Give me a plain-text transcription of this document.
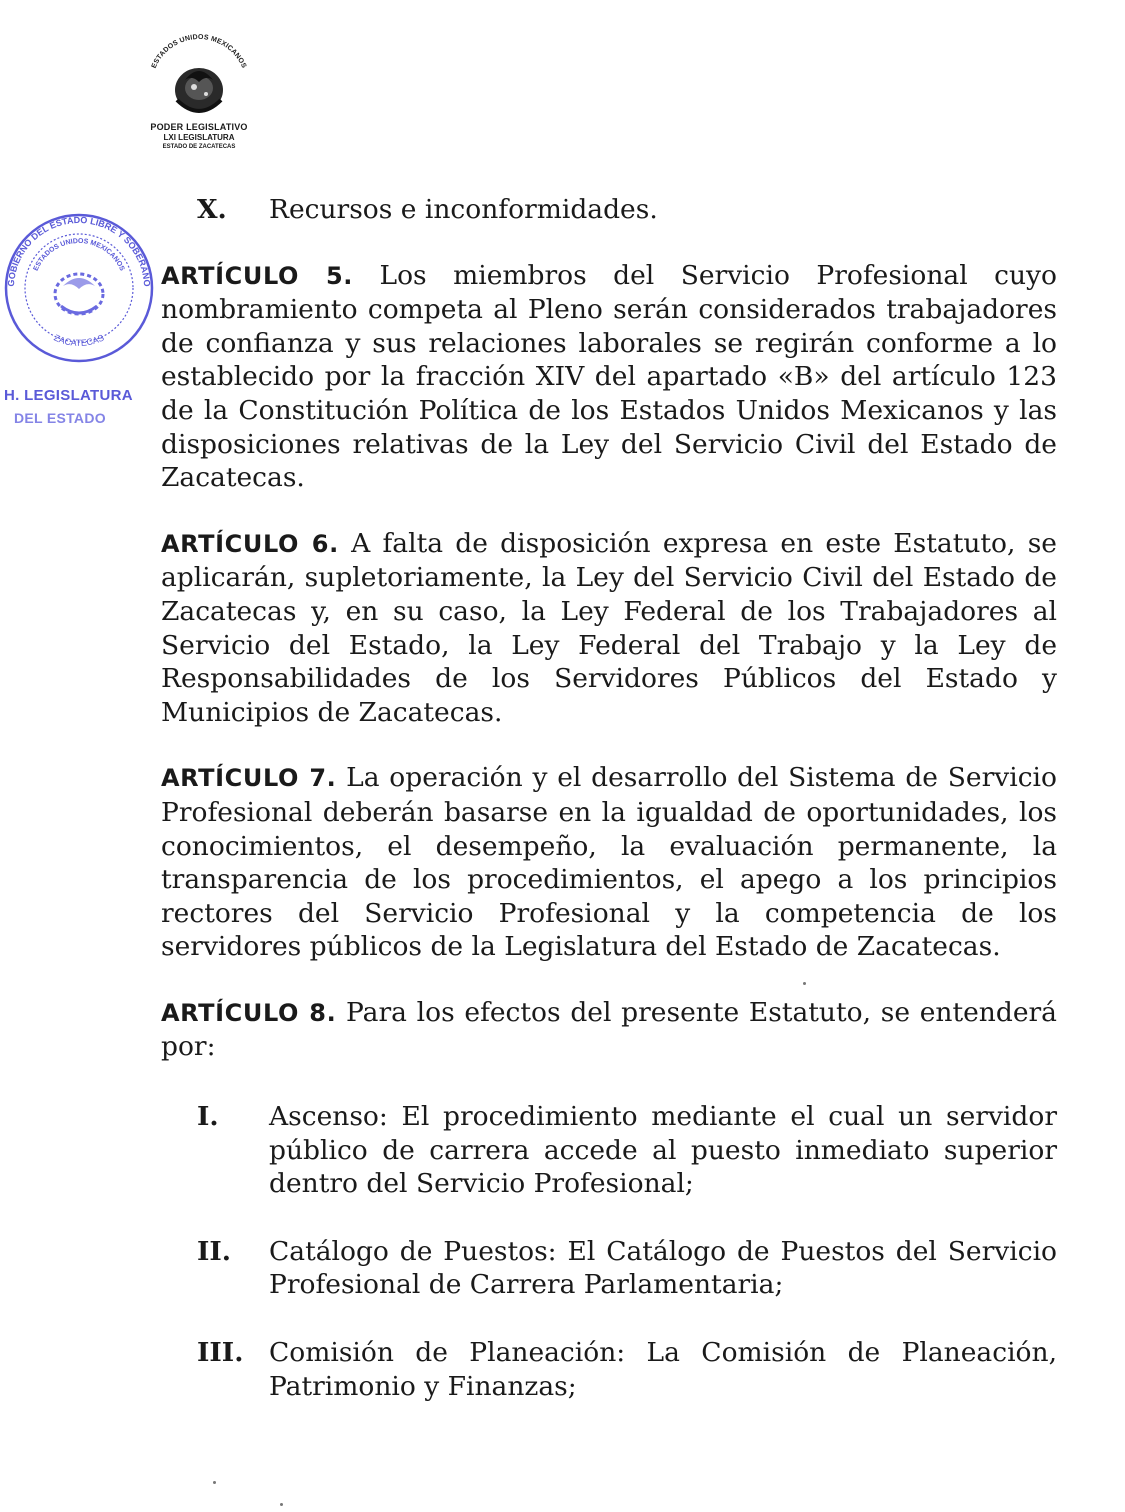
ESTADOS UNIDOS MEXICANOS
PODER LEGISLATIVO
LXI LEGISLATURA
ESTADO DE ZACATECAS
GOBIERNO DEL ESTADO LIBRE Y SOBERANO
ESTADOS UNIDOS MEXICANOS
ZACATECAS
H. LEGISLATURA
DEL ESTADO
X. Recursos e inconformidades.

ARTÍCULO 5. Los miembros del Servicio Profesional cuyo nombramiento competa al Pleno serán considerados trabajadores de confianza y sus relaciones laborales se regirán conforme a lo establecido por la fracción XIV del apartado «B» del artículo 123 de la Constitución Política de los Estados Unidos Mexicanos y las disposiciones relativas de la Ley del Servicio Civil del Estado de Zacatecas.

ARTÍCULO 6. A falta de disposición expresa en este Estatuto, se aplicarán, supletoriamente, la Ley del Servicio Civil del Estado de Zacatecas y, en su caso, la Ley Federal de los Trabajadores al Servicio del Estado, la Ley Federal del Trabajo y la Ley de Responsabilidades de los Servidores Públicos del Estado y Municipios de Zacatecas.

ARTÍCULO 7. La operación y el desarrollo del Sistema de Servicio Profesional deberán basarse en la igualdad de oportunidades, los conocimientos, el desempeño, la evaluación permanente, la transparencia de los procedimientos, el apego a los principios rectores del Servicio Profesional y la competencia de los servidores públicos de la Legislatura del Estado de Zacatecas.

ARTÍCULO 8. Para los efectos del presente Estatuto, se entenderá por:

I. Ascenso: El procedimiento mediante el cual un servidor público de carrera accede al puesto inmediato superior dentro del Servicio Profesional;

II. Catálogo de Puestos: El Catálogo de Puestos del Servicio Profesional de Carrera Parlamentaria;

III. Comisión de Planeación: La Comisión de Planeación, Patrimonio y Finanzas;
